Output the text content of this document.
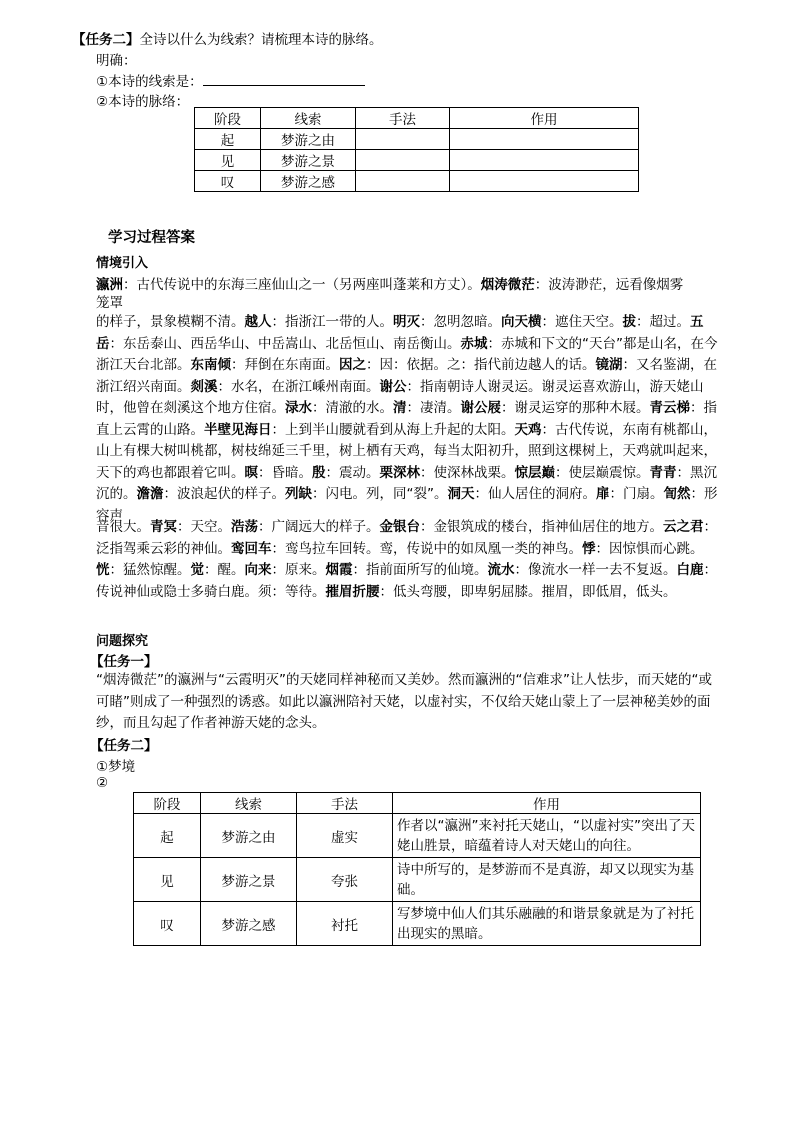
【任务二】全诗以什么为线索？请梳理本诗的脉络。
明确：
①本诗的线索是：
②本诗的脉络：
阶段	线索	手法	作用
起	梦游之由		
见	梦游之景		
叹	梦游之感		
学习过程答案
情境引入
瀛洲：古代传说中的东海三座仙山之一（另两座叫蓬莱和方丈）。烟涛微茫：波涛渺茫，远看像烟雾
笼罩
的样子，景象模糊不清。越人：指浙江一带的人。明灭：忽明忽暗。向天横：遮住天空。拔：超过。五岳：东岳泰山、西岳华山、中岳嵩山、北岳恒山、南岳衡山。赤城：赤城和下文的“天台”都是山名，在今浙江天台北部。东南倾：拜倒在东南面。因之：因：依据。之：指代前边越人的话。镜湖：又名鉴湖，在浙江绍兴南面。剡溪：水名，在浙江嵊州南面。谢公：指南朝诗人谢灵运。谢灵运喜欢游山，游天姥山时，他曾在剡溪这个地方住宿。渌水：清澈的水。清：凄清。谢公屐：谢灵运穿的那种木屐。青云梯：指直上云霄的山路。半壁见海日：上到半山腰就看到从海上升起的太阳。天鸡：古代传说，东南有桃都山，山上有棵大树叫桃都，树枝绵延三千里，树上栖有天鸡，每当太阳初升，照到这棵树上，天鸡就叫起来，天下的鸡也都跟着它叫。暝：昏暗。殷：震动。栗深林：使深林战栗。惊层巅：使层巅震惊。青青：黑沉沉的。澹澹：波浪起伏的样子。列缺：闪电。列，同“裂”。洞天：仙人居住的洞府。扉：门扇。訇然：形容声
音很大。青冥：天空。浩荡：广阔远大的样子。金银台：金银筑成的楼台，指神仙居住的地方。云之君：泛指驾乘云彩的神仙。鸾回车：鸾鸟拉车回转。鸾，传说中的如凤凰一类的神鸟。悸：因惊惧而心跳。恍：猛然惊醒。觉：醒。向来：原来。烟霞：指前面所写的仙境。流水：像流水一样一去不复返。白鹿：传说神仙或隐士多骑白鹿。须：等待。摧眉折腰：低头弯腰，即卑躬屈膝。摧眉，即低眉，低头。
问题探究
【任务一】
“烟涛微茫”的瀛洲与“云霞明灭”的天姥同样神秘而又美妙。然而瀛洲的“信难求”让人怯步，而天姥的“或可睹”则成了一种强烈的诱惑。如此以瀛洲陪衬天姥，以虚衬实，不仅给天姥山蒙上了一层神秘美妙的面纱，而且勾起了作者神游天姥的念头。
【任务二】
①梦境
②
阶段	线索	手法	作用
起	梦游之由	虚实	作者以“瀛洲”来衬托天姥山，“以虚衬实”突出了天姥山胜景，暗蕴着诗人对天姥山的向往。
见	梦游之景	夸张	诗中所写的，是梦游而不是真游，却又以现实为基础。
叹	梦游之感	衬托	写梦境中仙人们其乐融融的和谐景象就是为了衬托出现实的黑暗。
